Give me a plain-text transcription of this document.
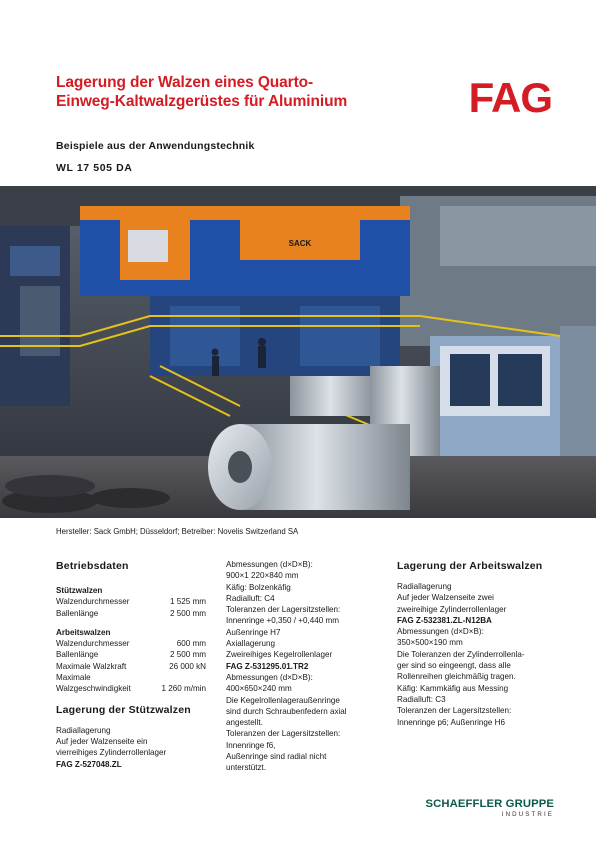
Lagerung der Walzen eines Quarto-
Einweg-Kaltwalzgerüstes für Aluminium	FAG
Beispiele aus der Anwendungstechnik
WL 17 505 DA
SACK
Hersteller: Sack GmbH; Düsseldorf; Betreiber: Novelis Switzerland SA
Betriebsdaten
Stützwalzen
Walzendurchmesser	1 525 mm
Ballenlänge	2 500 mm
Arbeitswalzen
Walzendurchmesser	600 mm
Ballenlänge	2 500 mm
Maximale Walzkraft	26 000 kN
Maximale
Walzgeschwindigkeit	1 260 m/min
Lagerung der Stützwalzen
Radiallagerung
Auf jeder Walzenseite ein
vierreihiges Zylinderrollenlager
FAG Z-527048.ZL
Abmessungen (d×D×B):
900×1 220×840 mm
Käfig: Bolzenkäfig
Radialluft: C4
Toleranzen der Lagersitzstellen:
Innenringe +0,350 / +0,440 mm
Außenringe H7
Axiallagerung
Zweireihiges Kegelrollenlager
FAG Z-531295.01.TR2
Abmessungen (d×D×B):
400×650×240 mm
Die Kegelrollenlageraußenringe
sind durch Schraubenfedern axial
angestellt.
Toleranzen der Lagersitzstellen:
Innenringe f6,
Außenringe sind radial nicht
unterstützt.
Lagerung der Arbeitswalzen
Radiallagerung
Auf jeder Walzenseite zwei
zweireihige Zylinderrollenlager
FAG Z-532381.ZL-N12BA
Abmessungen (d×D×B):
350×500×190 mm
Die Toleranzen der Zylinderrollenla-
ger sind so eingeengt, dass alle
Rollenreihen gleichmäßig tragen.
Käfig: Kammkäfig aus Messing
Radialluft: C3
Toleranzen der Lagersitzstellen:
Innenringe p6; Außenringe H6
SCHAEFFLER GRUPPE
INDUSTRIE
